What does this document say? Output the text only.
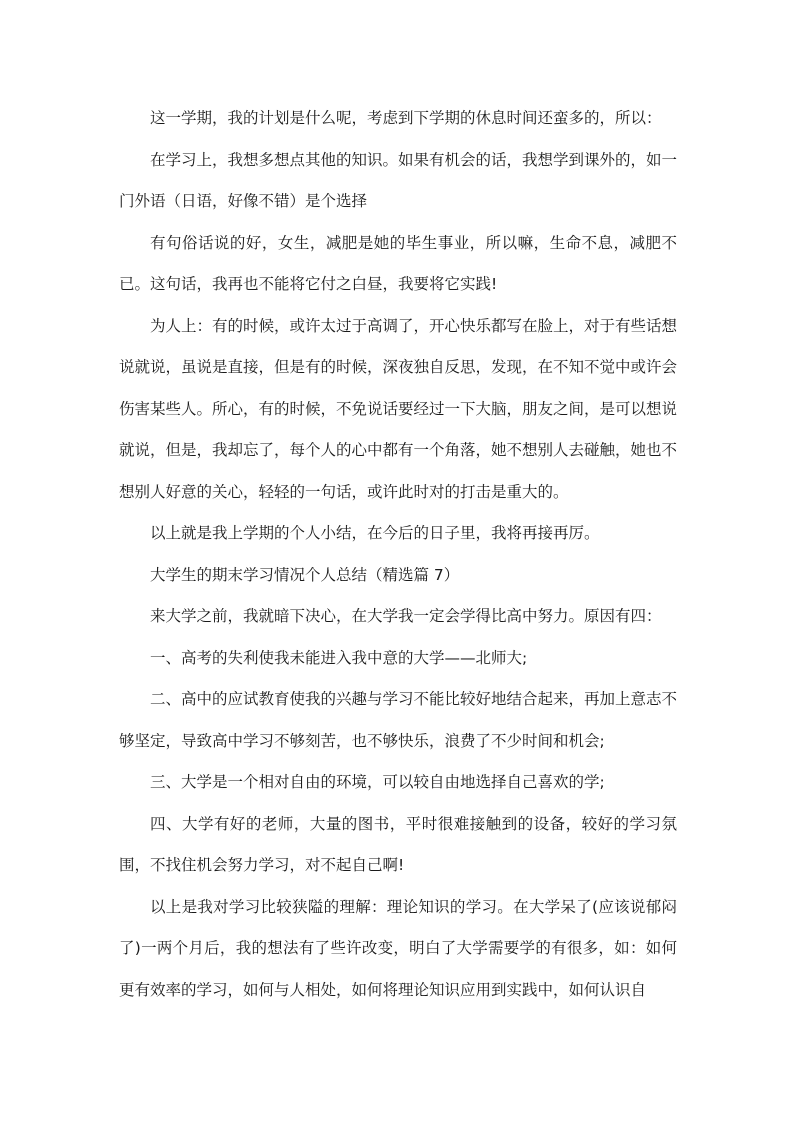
这一学期，我的计划是什么呢，考虑到下学期的休息时间还蛮多的，所以：

在学习上，我想多想点其他的知识。如果有机会的话，我想学到课外的，如一门外语（日语，好像不错）是个选择

有句俗话说的好，女生，减肥是她的毕生事业，所以嘛，生命不息，减肥不已。这句话，我再也不能将它付之白昼，我要将它实践!

为人上：有的时候，或许太过于高调了，开心快乐都写在脸上，对于有些话想说就说，虽说是直接，但是有的时候，深夜独自反思，发现，在不知不觉中或许会伤害某些人。所心，有的时候，不免说话要经过一下大脑，朋友之间，是可以想说就说，但是，我却忘了，每个人的心中都有一个角落，她不想别人去碰触，她也不想别人好意的关心，轻轻的一句话，或许此时对的打击是重大的。

以上就是我上学期的个人小结，在今后的日子里，我将再接再厉。

大学生的期末学习情况个人总结（精选篇 7）

来大学之前，我就暗下决心，在大学我一定会学得比高中努力。原因有四：

一、高考的失利使我未能进入我中意的大学——北师大;

二、高中的应试教育使我的兴趣与学习不能比较好地结合起来，再加上意志不够坚定，导致高中学习不够刻苦，也不够快乐，浪费了不少时间和机会;

三、大学是一个相对自由的环境，可以较自由地选择自己喜欢的学;

四、大学有好的老师，大量的图书，平时很难接触到的设备，较好的学习氛围，不找住机会努力学习，对不起自己啊!

以上是我对学习比较狭隘的理解：理论知识的学习。在大学呆了(应该说郁闷了)一两个月后，我的想法有了些许改变，明白了大学需要学的有很多，如：如何更有效率的学习，如何与人相处，如何将理论知识应用到实践中，如何认识自
